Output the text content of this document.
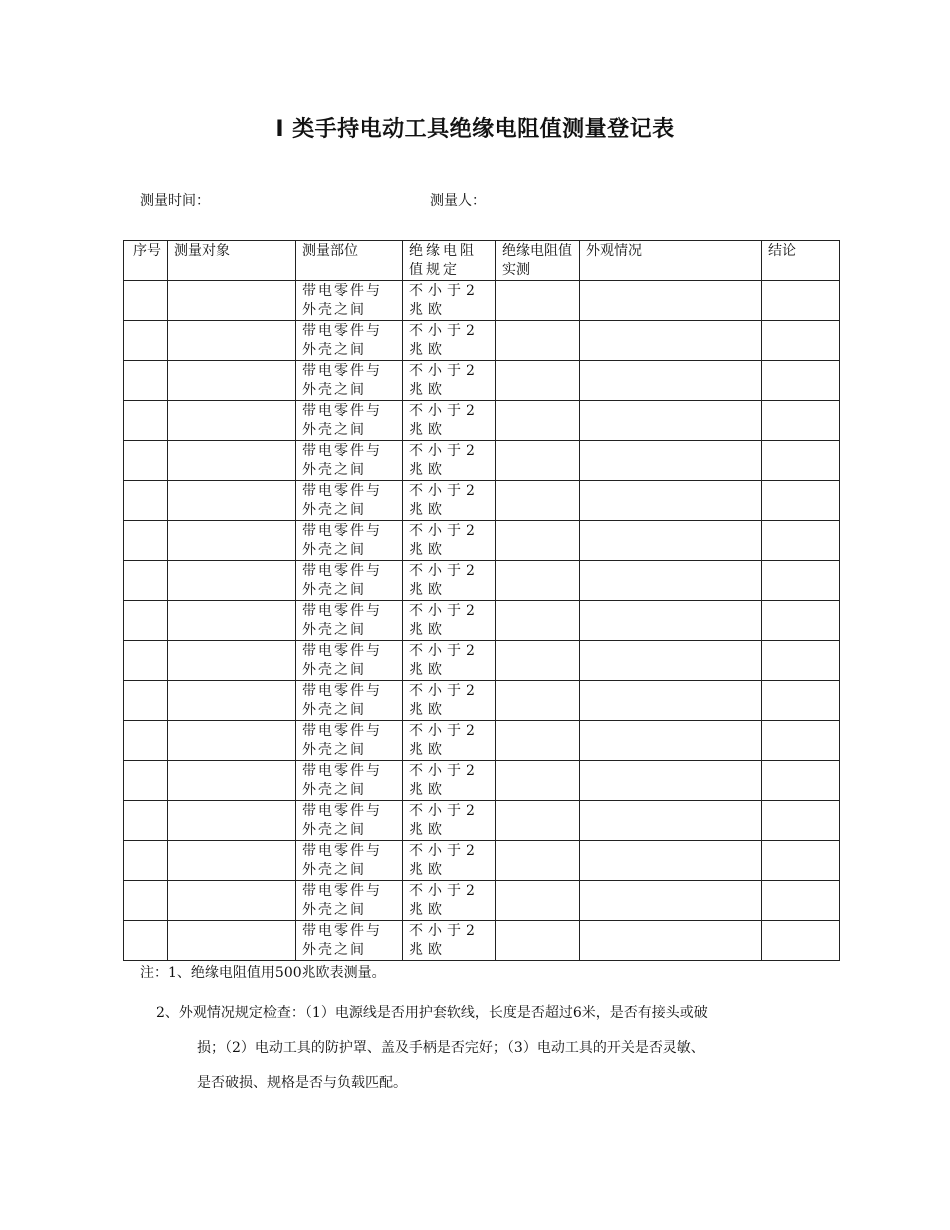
Ⅰ 类手持电动工具绝缘电阻值测量登记表
测量时间：	测量人：
序号	测量对象	测量部位	绝缘电阻值规定	绝缘电阻值实测	外观情况	结论
		带电零件与外壳之间	不小于2兆欧			
		带电零件与外壳之间	不小于2兆欧			
		带电零件与外壳之间	不小于2兆欧			
		带电零件与外壳之间	不小于2兆欧			
		带电零件与外壳之间	不小于2兆欧			
		带电零件与外壳之间	不小于2兆欧			
		带电零件与外壳之间	不小于2兆欧			
		带电零件与外壳之间	不小于2兆欧			
		带电零件与外壳之间	不小于2兆欧			
		带电零件与外壳之间	不小于2兆欧			
		带电零件与外壳之间	不小于2兆欧			
		带电零件与外壳之间	不小于2兆欧			
		带电零件与外壳之间	不小于2兆欧			
		带电零件与外壳之间	不小于2兆欧			
		带电零件与外壳之间	不小于2兆欧			
		带电零件与外壳之间	不小于2兆欧			
		带电零件与外壳之间	不小于2兆欧			
注：1、绝缘电阻值用500兆欧表测量。
2、外观情况规定检查：（1）电源线是否用护套软线，长度是否超过6米，是否有接头或破
损；（2）电动工具的防护罩、盖及手柄是否完好；（3）电动工具的开关是否灵敏、
是否破损、规格是否与负载匹配。
